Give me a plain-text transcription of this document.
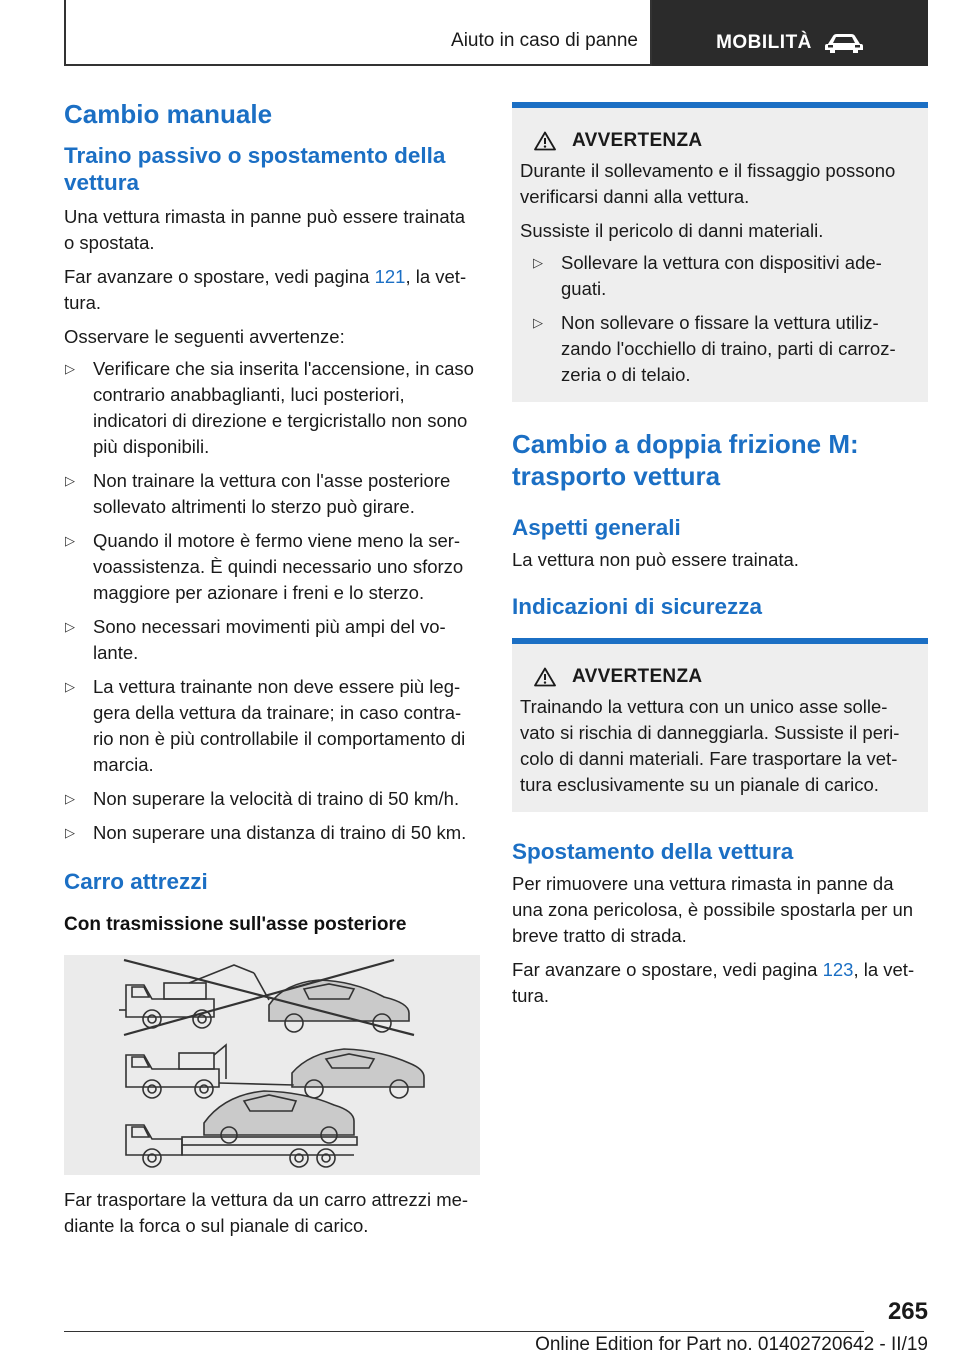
Aiuto in caso di panne	MOBILITÀ
Cambio manuale
Traino passivo o spostamento della vettura
Una vettura rimasta in panne può essere trainata o spostata.
Far avanzare o spostare, vedi pagina 121, la vet‐tura.
Osservare le seguenti avvertenze:
▷ Verificare che sia inserita l'accensione, in caso contrario anabbaglianti, luci posteriori, indicatori di direzione e tergicristallo non sono più disponibili.
▷ Non trainare la vettura con l'asse posteriore sollevato altrimenti lo sterzo può girare.
▷ Quando il motore è fermo viene meno la ser‐voassistenza. È quindi necessario uno sforzo maggiore per azionare i freni e lo sterzo.
▷ Sono necessari movimenti più ampi del vo‐lante.
▷ La vettura trainante non deve essere più leg‐gera della vettura da trainare; in caso contra‐rio non è più controllabile il comportamento di marcia.
▷ Non superare la velocità di traino di 50 km/h.
▷ Non superare una distanza di traino di 50 km.
Carro attrezzi
Con trasmissione sull'asse posteriore
Far trasportare la vettura da un carro attrezzi me‐diante la forca o sul pianale di carico.
AVVERTENZA
Durante il sollevamento e il fissaggio possono verificarsi danni alla vettura.
Sussiste il pericolo di danni materiali.
▷ Sollevare la vettura con dispositivi ade‐guati.
▷ Non sollevare o fissare la vettura utiliz‐zando l'occhiello di traino, parti di carroz‐zeria o di telaio.
Cambio a doppia frizione M: trasporto vettura
Aspetti generali
La vettura non può essere trainata.
Indicazioni di sicurezza
AVVERTENZA
Trainando la vettura con un unico asse solle‐vato si rischia di danneggiarla. Sussiste il peri‐colo di danni materiali. Fare trasportare la vet‐tura esclusivamente su un pianale di carico.
Spostamento della vettura
Per rimuovere una vettura rimasta in panne da una zona pericolosa, è possibile spostarla per un breve tratto di strada.
Far avanzare o spostare, vedi pagina 123, la vet‐tura.
265
Online Edition for Part no. 01402720642 - II/19
